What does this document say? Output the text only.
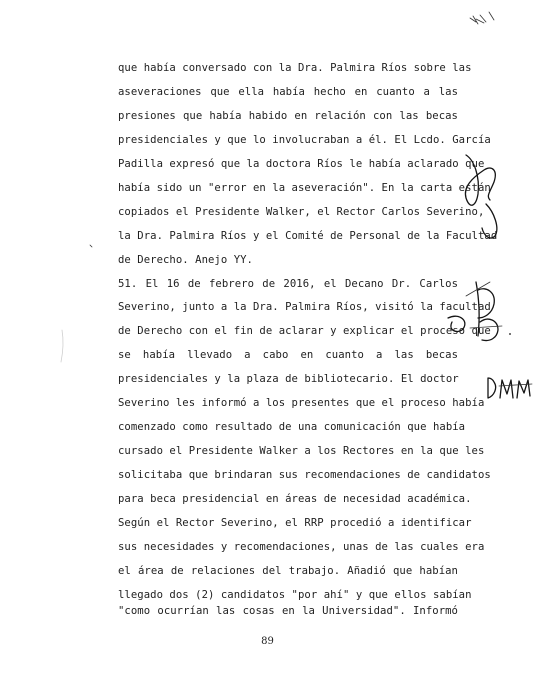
que había conversado con la Dra. Palmira Ríos sobre las
aseveraciones que ella había hecho en cuanto a las
presiones que había habido en relación con las becas
presidenciales y que lo involucraban a él. El Lcdo. García
Padilla expresó que la doctora Ríos le había aclarado que
había sido un "error en la aseveración". En la carta están
copiados el Presidente Walker, el Rector Carlos Severino,
la Dra. Palmira Ríos y el Comité de Personal de la Facultad
de Derecho. Anejo YY.
51. El 16 de febrero de 2016, el Decano Dr. Carlos
Severino, junto a la Dra. Palmira Ríos, visitó la facultad
de Derecho con el fin de aclarar y explicar el proceso que
se había llevado a cabo en cuanto a las becas
presidenciales y la plaza de bibliotecario. El doctor
Severino les informó a los presentes que el proceso había
comenzado como resultado de una comunicación que había
cursado el Presidente Walker a los Rectores en la que les
solicitaba que brindaran sus recomendaciones de candidatos
para beca presidencial en áreas de necesidad académica.
Según el Rector Severino, el RRP procedió a identificar
sus necesidades y recomendaciones, unas de las cuales era
el área de relaciones del trabajo. Añadió que habían
llegado dos (2) candidatos "por ahí" y que ellos sabían
"como ocurrían las cosas en la Universidad". Informó
89
